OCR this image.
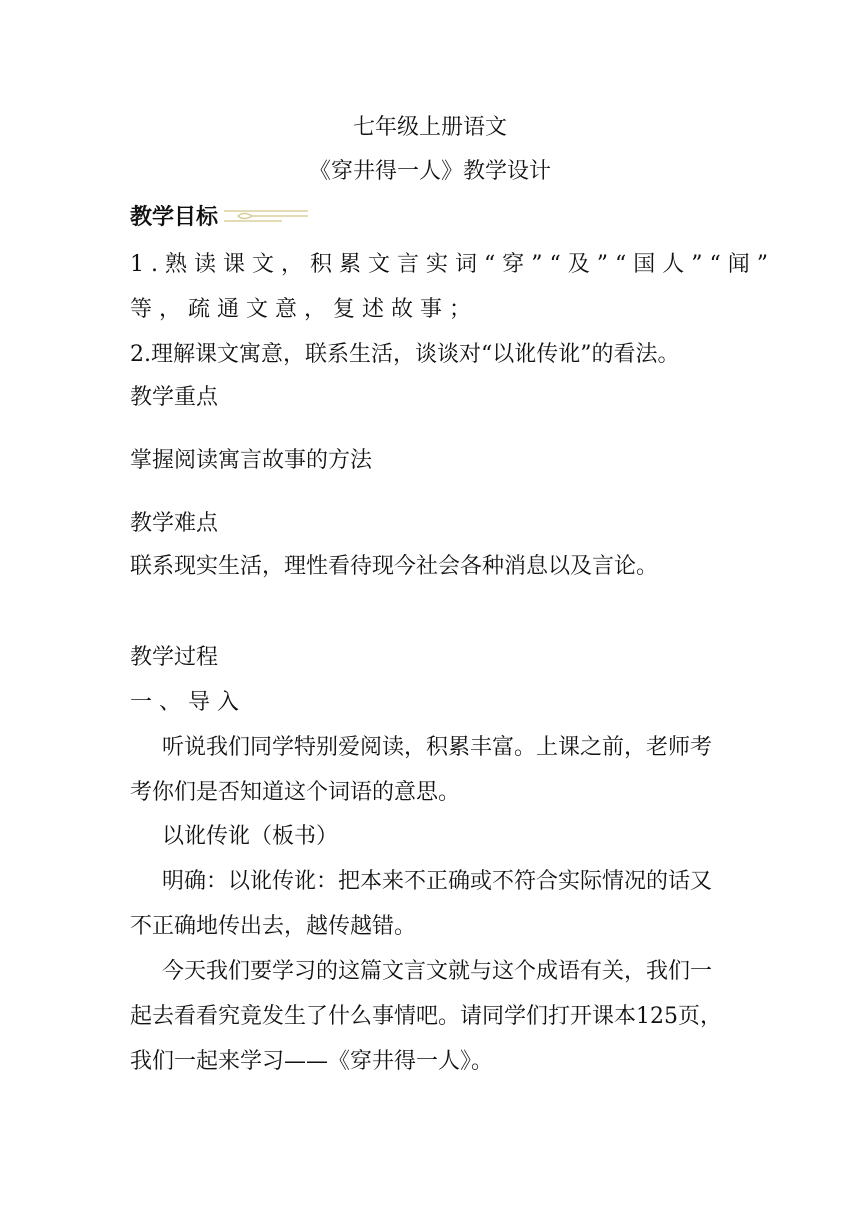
七年级上册语文
《穿井得一人》教学设计
教学目标
1.熟读课文，积累文言实词“穿”“及”“国人”“闻”
等，疏通文意，复述故事；
2.理解课文寓意，联系生活，谈谈对“以讹传讹”的看法。
教学重点
掌握阅读寓言故事的方法
教学难点
联系现实生活，理性看待现今社会各种消息以及言论。
教学过程
一、导入
听说我们同学特别爱阅读，积累丰富。上课之前，老师考
考你们是否知道这个词语的意思。
以讹传讹（板书）
明确：以讹传讹：把本来不正确或不符合实际情况的话又
不正确地传出去，越传越错。
今天我们要学习的这篇文言文就与这个成语有关，我们一
起去看看究竟发生了什么事情吧。请同学们打开课本125页，
我们一起来学习——《穿井得一人》。
